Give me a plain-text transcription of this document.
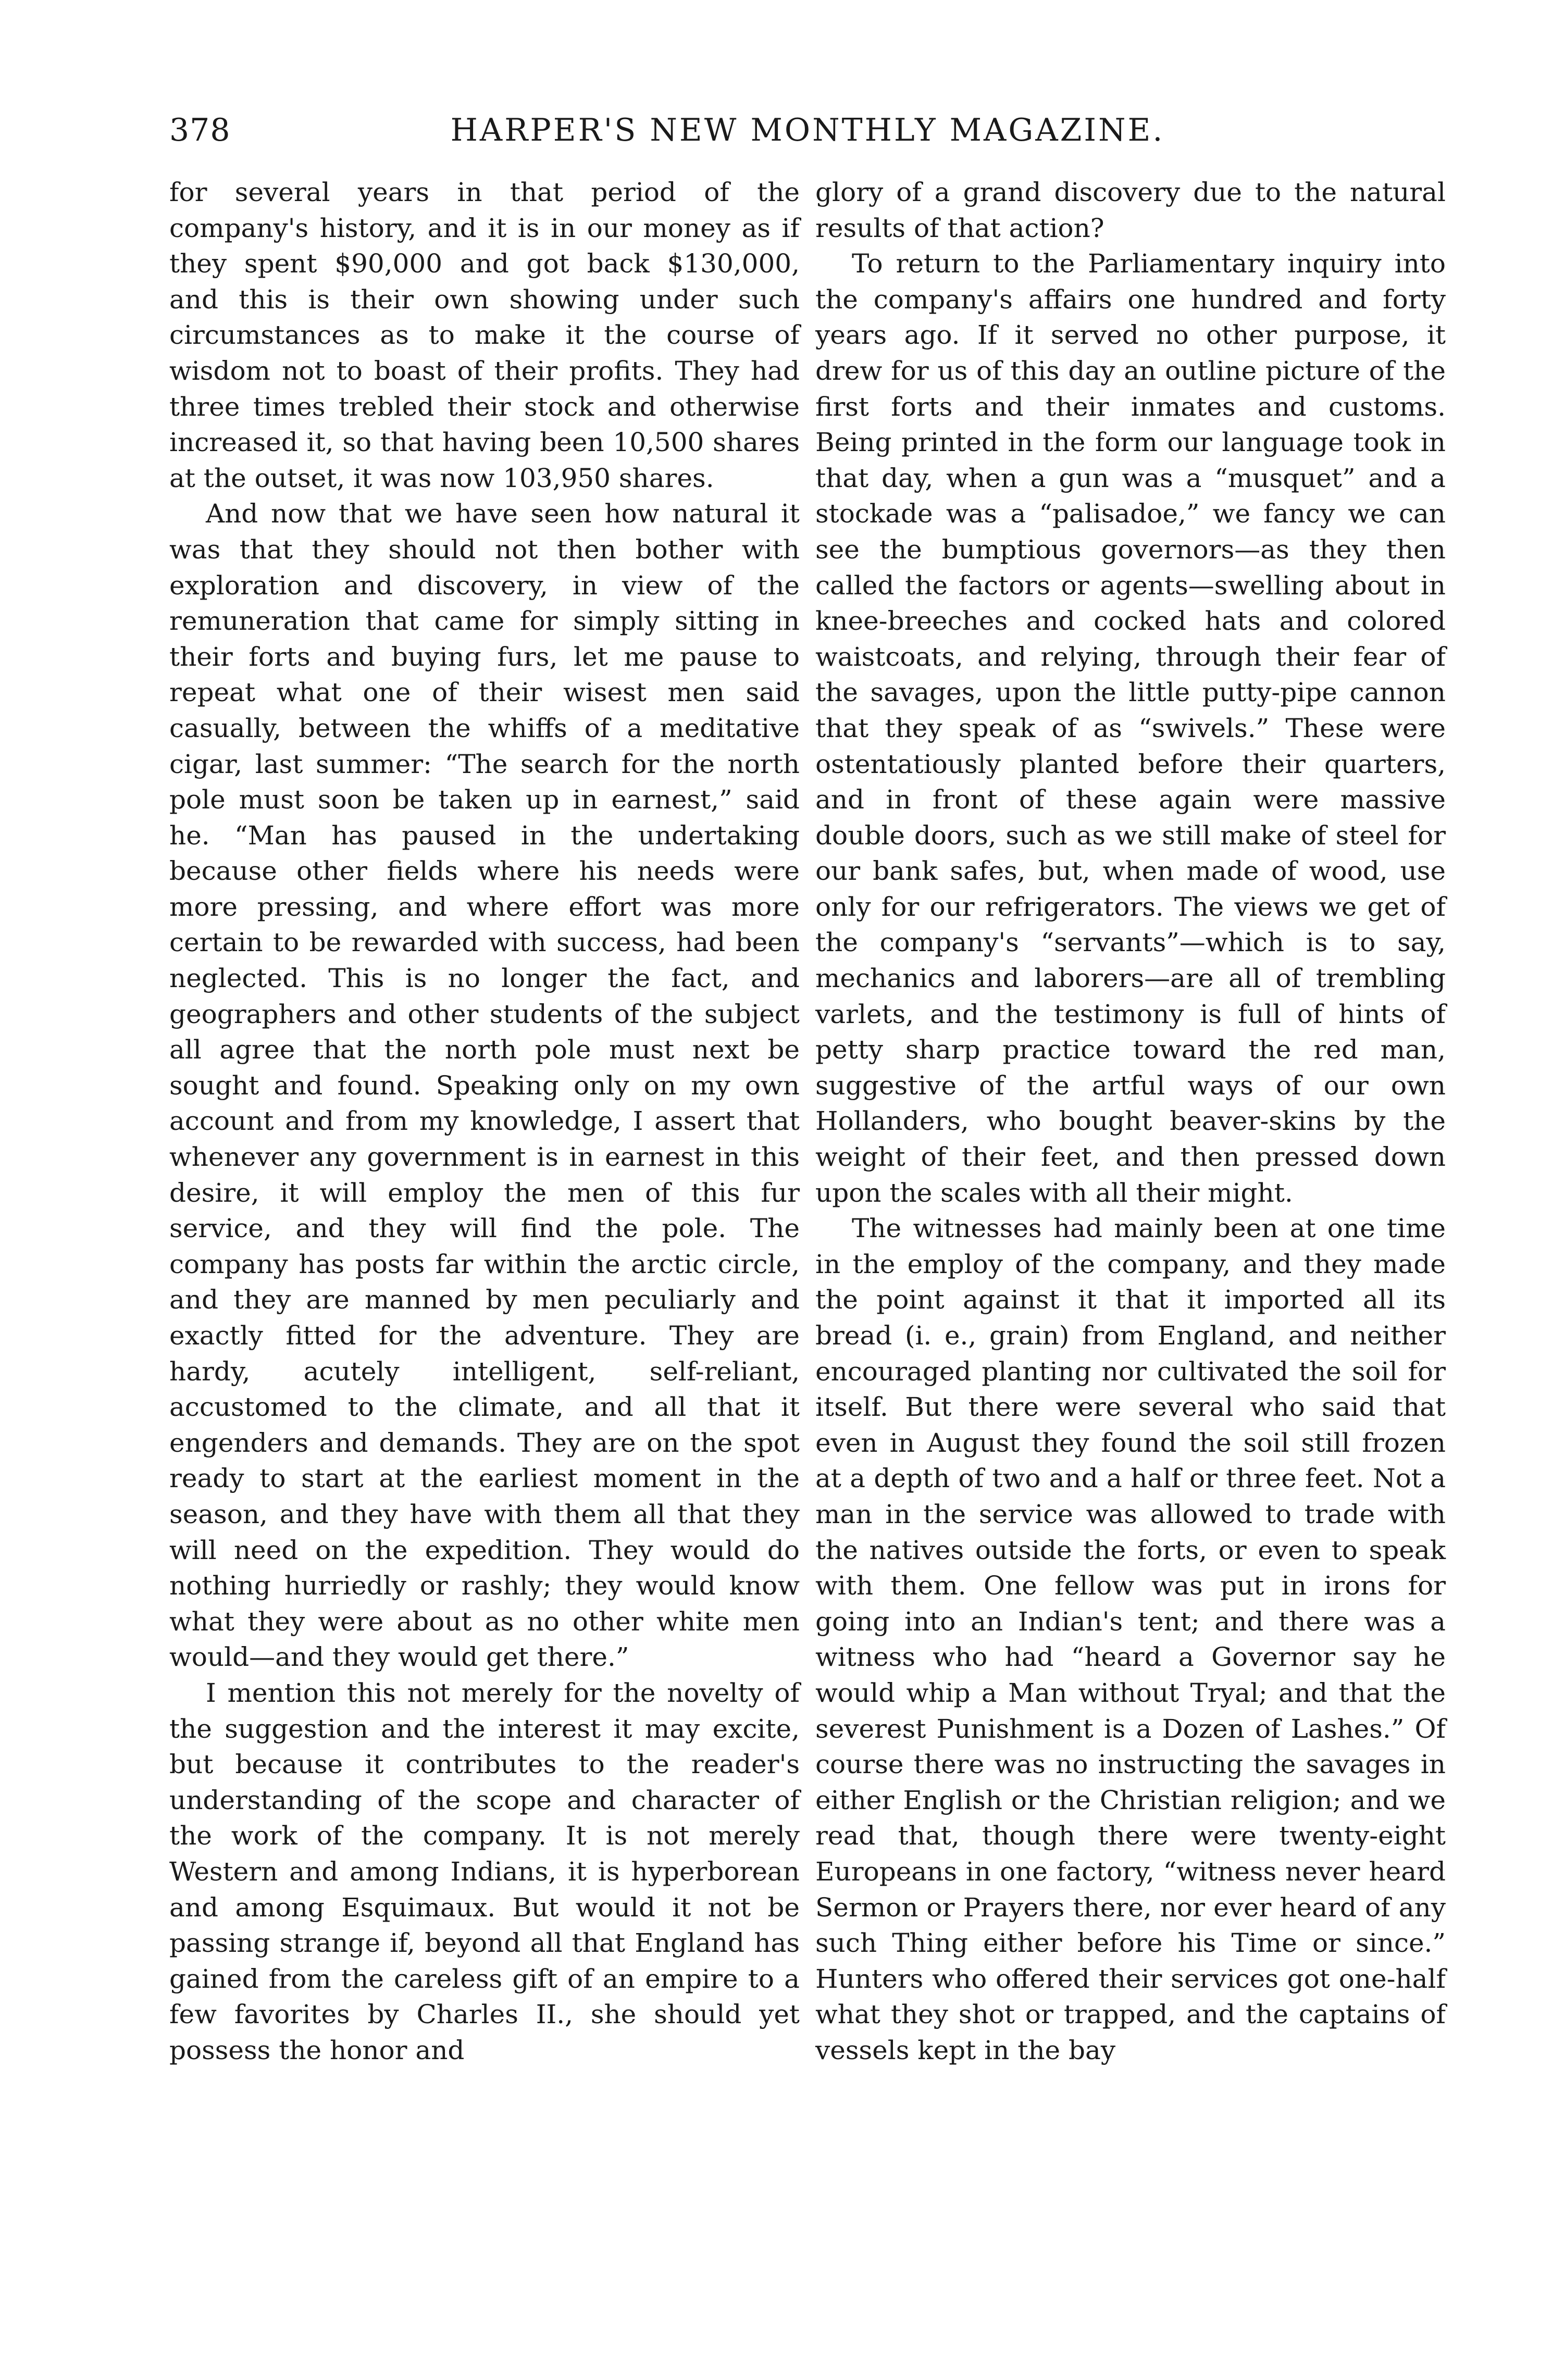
378	HARPER'S NEW MONTHLY MAGAZINE.

for several years in that period of the company's history, and it is in our money as if they spent $90,000 and got back $130,000, and this is their own showing under such circumstances as to make it the course of wisdom not to boast of their profits. They had three times trebled their stock and otherwise increased it, so that having been 10,500 shares at the outset, it was now 103,950 shares.

And now that we have seen how natural it was that they should not then bother with exploration and discovery, in view of the remuneration that came for simply sitting in their forts and buying furs, let me pause to repeat what one of their wisest men said casually, between the whiffs of a meditative cigar, last summer: “The search for the north pole must soon be taken up in earnest,” said he. “Man has paused in the undertaking because other fields where his needs were more pressing, and where effort was more certain to be rewarded with success, had been neglected. This is no longer the fact, and geographers and other students of the subject all agree that the north pole must next be sought and found. Speaking only on my own account and from my knowledge, I assert that whenever any government is in earnest in this desire, it will employ the men of this fur service, and they will find the pole. The company has posts far within the arctic circle, and they are manned by men peculiarly and exactly fitted for the adventure. They are hardy, acutely intelligent, self-reliant, accustomed to the climate, and all that it engenders and demands. They are on the spot ready to start at the earliest moment in the season, and they have with them all that they will need on the expedition. They would do nothing hurriedly or rashly; they would know what they were about as no other white men would—and they would get there.”

I mention this not merely for the novelty of the suggestion and the interest it may excite, but because it contributes to the reader's understanding of the scope and character of the work of the company. It is not merely Western and among Indians, it is hyperborean and among Esquimaux. But would it not be passing strange if, beyond all that England has gained from the careless gift of an empire to a few favorites by Charles II., she should yet possess the honor and

glory of a grand discovery due to the natural results of that action?

To return to the Parliamentary inquiry into the company's affairs one hundred and forty years ago. If it served no other purpose, it drew for us of this day an outline picture of the first forts and their inmates and customs. Being printed in the form our language took in that day, when a gun was a “musquet” and a stockade was a “palisadoe,” we fancy we can see the bumptious governors—as they then called the factors or agents—swelling about in knee-breeches and cocked hats and colored waistcoats, and relying, through their fear of the savages, upon the little putty-pipe cannon that they speak of as “swivels.” These were ostentatiously planted before their quarters, and in front of these again were massive double doors, such as we still make of steel for our bank safes, but, when made of wood, use only for our refrigerators. The views we get of the company's “servants”—which is to say, mechanics and laborers—are all of trembling varlets, and the testimony is full of hints of petty sharp practice toward the red man, suggestive of the artful ways of our own Hollanders, who bought beaver-skins by the weight of their feet, and then pressed down upon the scales with all their might.

The witnesses had mainly been at one time in the employ of the company, and they made the point against it that it imported all its bread (i. e., grain) from England, and neither encouraged planting nor cultivated the soil for itself. But there were several who said that even in August they found the soil still frozen at a depth of two and a half or three feet. Not a man in the service was allowed to trade with the natives outside the forts, or even to speak with them. One fellow was put in irons for going into an Indian's tent; and there was a witness who had “heard a Governor say he would whip a Man without Tryal; and that the severest Punishment is a Dozen of Lashes.” Of course there was no instructing the savages in either English or the Christian religion; and we read that, though there were twenty-eight Europeans in one factory, “witness never heard Sermon or Prayers there, nor ever heard of any such Thing either before his Time or since.” Hunters who offered their services got one-half what they shot or trapped, and the captains of vessels kept in the bay
